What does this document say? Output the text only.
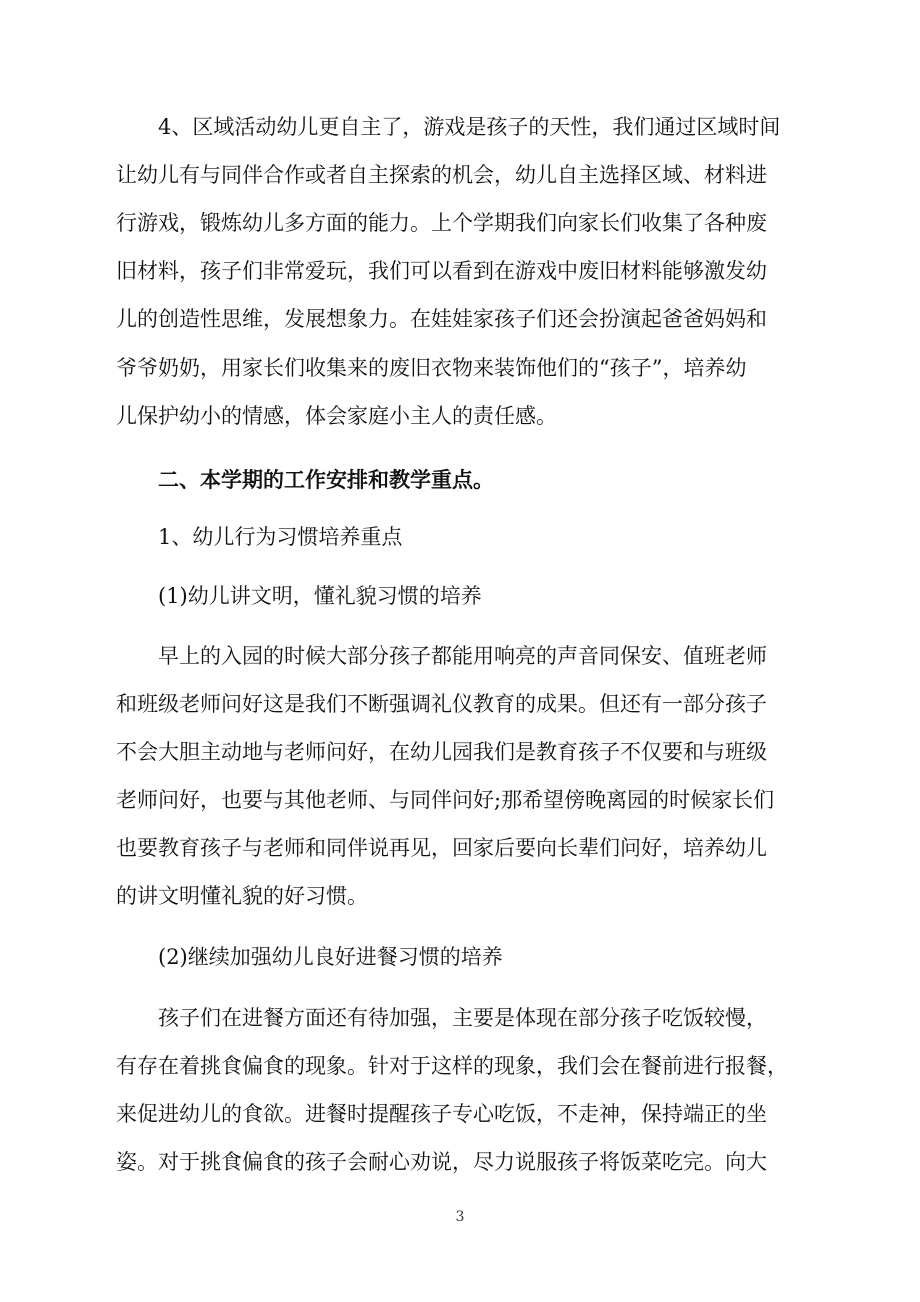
4、区域活动幼儿更自主了，游戏是孩子的天性，我们通过区域时间

让幼儿有与同伴合作或者自主探索的机会，幼儿自主选择区域、材料进

行游戏，锻炼幼儿多方面的能力。上个学期我们向家长们收集了各种废

旧材料，孩子们非常爱玩，我们可以看到在游戏中废旧材料能够激发幼

儿的创造性思维，发展想象力。在娃娃家孩子们还会扮演起爸爸妈妈和

爷爷奶奶，用家长们收集来的废旧衣物来装饰他们的“孩子”，培养幼

儿保护幼小的情感，体会家庭小主人的责任感。

二、本学期的工作安排和教学重点。

1、幼儿行为习惯培养重点

(1)幼儿讲文明，懂礼貌习惯的培养

早上的入园的时候大部分孩子都能用响亮的声音同保安、值班老师

和班级老师问好这是我们不断强调礼仪教育的成果。但还有一部分孩子

不会大胆主动地与老师问好，在幼儿园我们是教育孩子不仅要和与班级

老师问好，也要与其他老师、与同伴问好;那希望傍晚离园的时候家长们

也要教育孩子与老师和同伴说再见，回家后要向长辈们问好，培养幼儿

的讲文明懂礼貌的好习惯。

(2)继续加强幼儿良好进餐习惯的培养

孩子们在进餐方面还有待加强，主要是体现在部分孩子吃饭较慢，

有存在着挑食偏食的现象。针对于这样的现象，我们会在餐前进行报餐，

来促进幼儿的食欲。进餐时提醒孩子专心吃饭，不走神，保持端正的坐

姿。对于挑食偏食的孩子会耐心劝说，尽力说服孩子将饭菜吃完。向大

3
